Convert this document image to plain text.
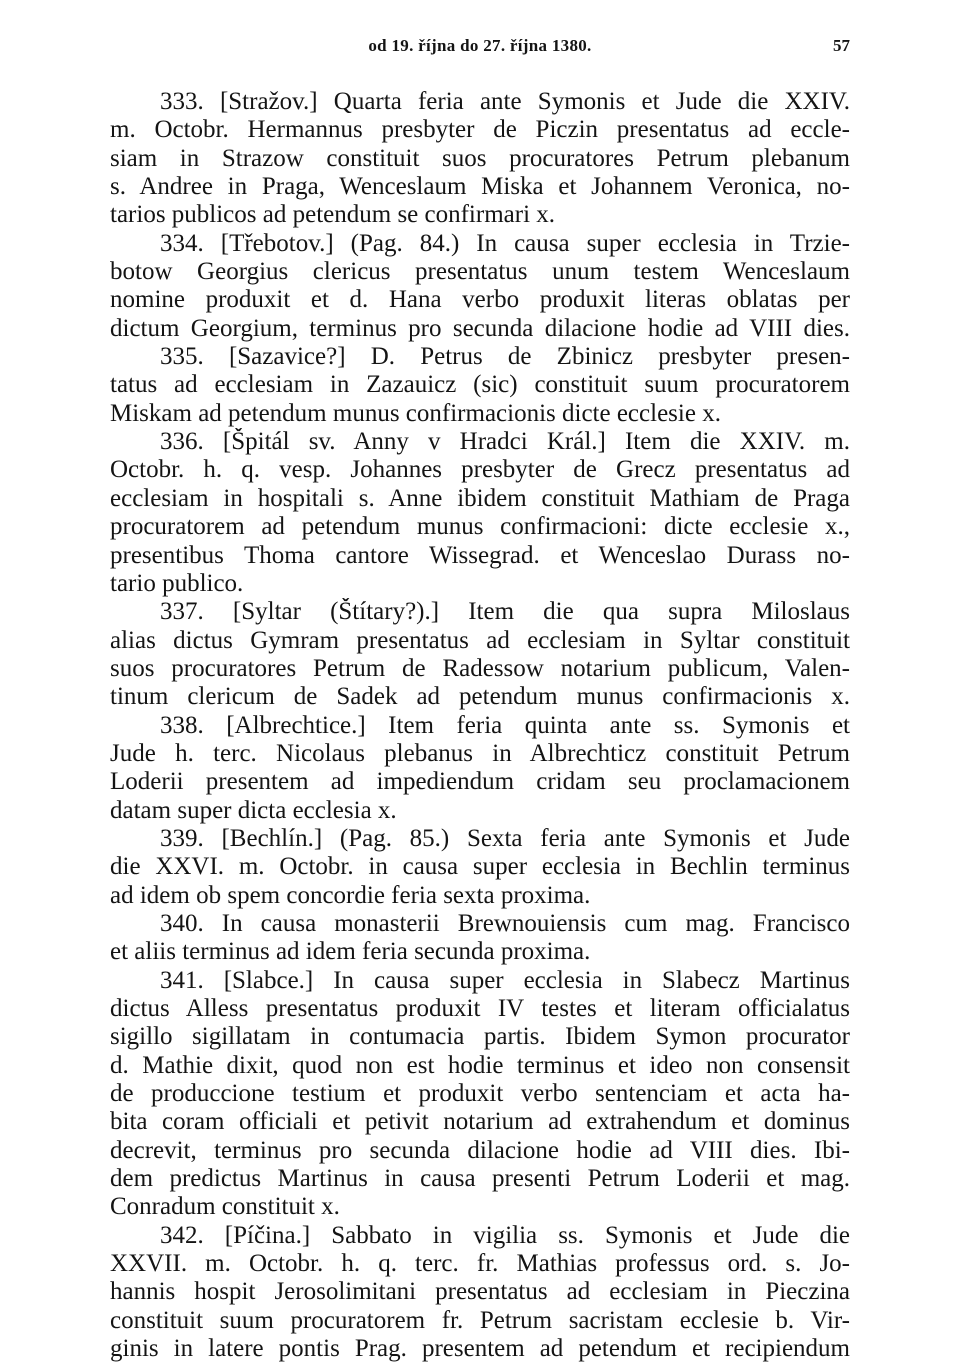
od 19. října do 27. října 1380.	57
333. [Stražov.] Quarta feria ante Symonis et Jude die XXIV.
m. Octobr. Hermannus presbyter de Piczin presentatus ad eccle-
siam in Strazow constituit suos procuratores Petrum plebanum
s. Andree in Praga, Wenceslaum Miska et Johannem Veronica, no-
tarios publicos ad petendum se confirmari x.
334. [Třebotov.] (Pag. 84.) In causa super ecclesia in Trzie-
botow Georgius clericus presentatus unum testem Wenceslaum
nomine produxit et d. Hana verbo produxit literas oblatas per
dictum Georgium, terminus pro secunda dilacione hodie ad VIII dies.
335. [Sazavice?] D. Petrus de Zbinicz presbyter presen-
tatus ad ecclesiam in Zazauicz (sic) constituit suum procuratorem
Miskam ad petendum munus confirmacionis dicte ecclesie x.
336. [Špitál sv. Anny v Hradci Král.] Item die XXIV. m.
Octobr. h. q. vesp. Johannes presbyter de Grecz presentatus ad
ecclesiam in hospitali s. Anne ibidem constituit Mathiam de Praga
procuratorem ad petendum munus confirmacioni: dicte ecclesie x.,
presentibus Thoma cantore Wissegrad. et Wenceslao Durass no-
tario publico.
337. [Syltar (Štítary?).] Item die qua supra Miloslaus
alias dictus Gymram presentatus ad ecclesiam in Syltar constituit
suos procuratores Petrum de Radessow notarium publicum, Valen-
tinum clericum de Sadek ad petendum munus confirmacionis x.
338. [Albrechtice.] Item feria quinta ante ss. Symonis et
Jude h. terc. Nicolaus plebanus in Albrechticz constituit Petrum
Loderii presentem ad impediendum cridam seu proclamacionem
datam super dicta ecclesia x.
339. [Bechlín.] (Pag. 85.) Sexta feria ante Symonis et Jude
die XXVI. m. Octobr. in causa super ecclesia in Bechlin terminus
ad idem ob spem concordie feria sexta proxima.
340. In causa monasterii Brewnouiensis cum mag. Francisco
et aliis terminus ad idem feria secunda proxima.
341. [Slabce.] In causa super ecclesia in Slabecz Martinus
dictus Alless presentatus produxit IV testes et literam officialatus
sigillo sigillatam in contumacia partis. Ibidem Symon procurator
d. Mathie dixit, quod non est hodie terminus et ideo non consensit
de produccione testium et produxit verbo sentenciam et acta ha-
bita coram officiali et petivit notarium ad extrahendum et dominus
decrevit, terminus pro secunda dilacione hodie ad VIII dies. Ibi-
dem predictus Martinus in causa presenti Petrum Loderii et mag.
Conradum constituit x.
342. [Píčina.] Sabbato in vigilia ss. Symonis et Jude die
XXVII. m. Octobr. h. q. terc. fr. Mathias professus ord. s. Jo-
hannis hospit Jerosolimitani presentatus ad ecclesiam in Pieczina
constituit suum procuratorem fr. Petrum sacristam ecclesie b. Vir-
ginis in latere pontis Prag. presentem ad petendum et recipiendum
